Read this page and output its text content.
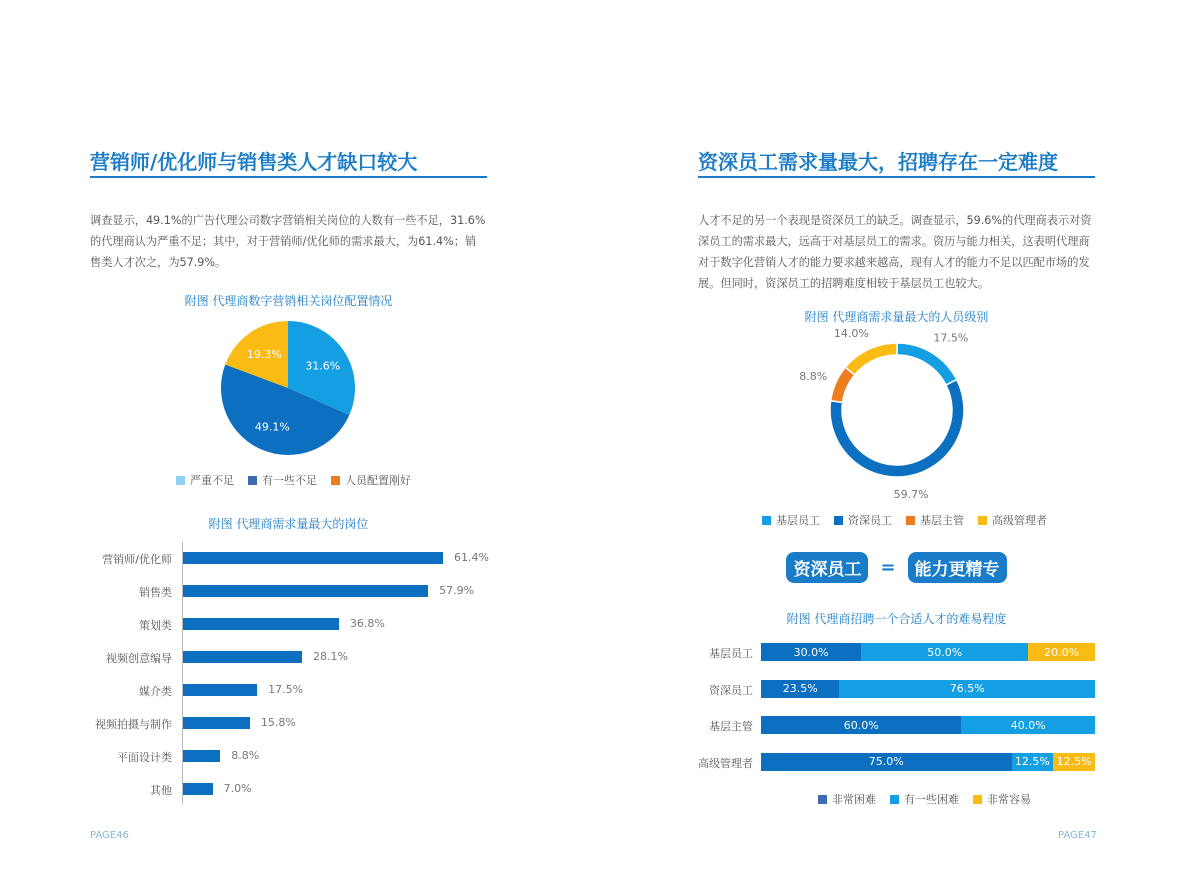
营销师/优化师与销售类人才缺口较大
调查显示，49.1%的广告代理公司数字营销相关岗位的人数有一些不足，31.6%的代理商认为严重不足；其中，对于营销师/优化师的需求最大，为61.4%；销售类人才次之，为57.9%。
附图 代理商数字营销相关岗位配置情况
31.6%
49.1%
19.3%
严重不足	有一些不足	人员配置刚好
附图 代理商需求量最大的岗位
营销师/优化师	61.4%
销售类	57.9%
策划类	36.8%
视频创意编导	28.1%
媒介类	17.5%
视频拍摄与制作	15.8%
平面设计类	8.8%
其他	7.0%
PAGE46
资深员工需求量最大，招聘存在一定难度
人才不足的另一个表现是资深员工的缺乏。调查显示，59.6%的代理商表示对资深员工的需求最大，远高于对基层员工的需求。资历与能力相关，这表明代理商对于数字化营销人才的能力要求越来越高，现有人才的能力不足以匹配市场的发展。但同时，资深员工的招聘难度相较于基层员工也较大。
附图 代理商需求量最大的人员级别
17.5%
59.7%
8.8%
14.0%
基层员工	资深员工	基层主管	高级管理者
资深员工	=	能力更精专
附图 代理商招聘一个合适人才的难易程度
基层员工	30.0%	50.0%	20.0%
资深员工	23.5%	76.5%
基层主管	60.0%	40.0%
高级管理者	75.0%	12.5% 12.5%
非常困难	有一些困难	非常容易
PAGE47
